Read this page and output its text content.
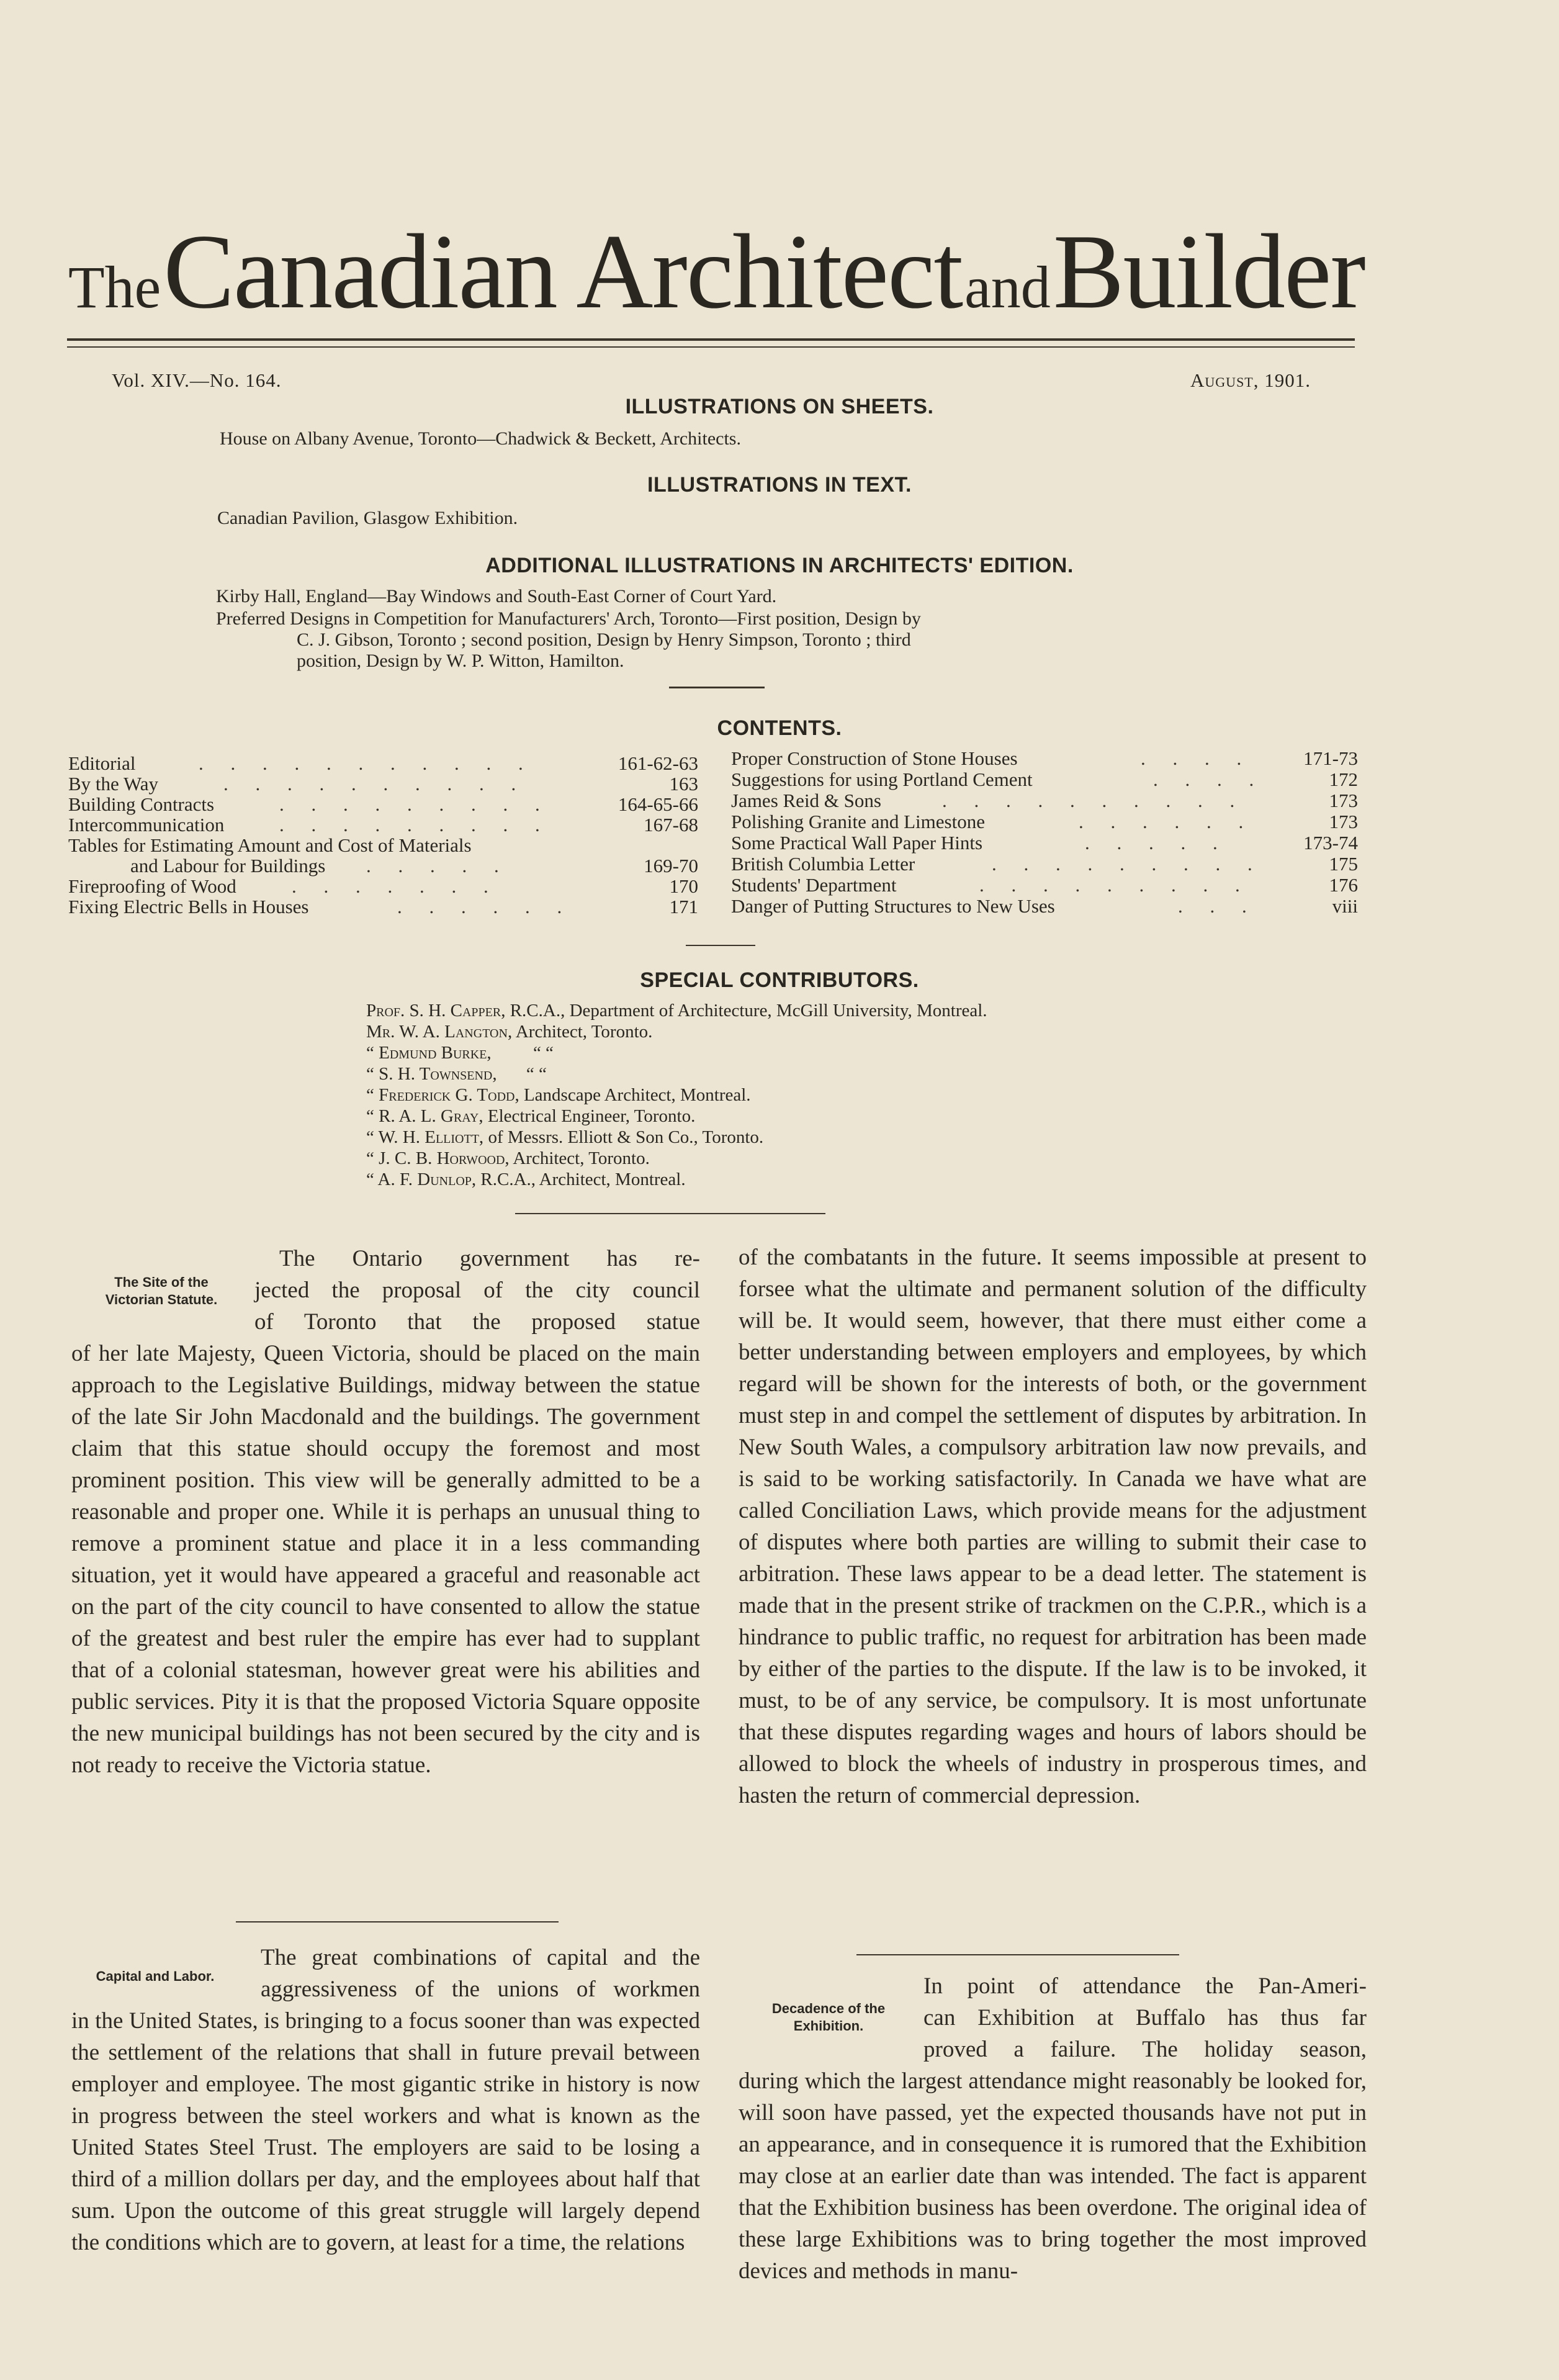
The Canadian Architect and Builder
Vol. XIV.—No. 164.	August, 1901.
ILLUSTRATIONS ON SHEETS.
House on Albany Avenue, Toronto—Chadwick & Beckett, Architects.
ILLUSTRATIONS IN TEXT.
Canadian Pavilion, Glasgow Exhibition.
ADDITIONAL ILLUSTRATIONS IN ARCHITECTS' EDITION.
Kirby Hall, England—Bay Windows and South-East Corner of Court Yard.
Preferred Designs in Competition for Manufacturers' Arch, Toronto—First position, Design by
C. J. Gibson, Toronto ; second position, Design by Henry Simpson, Toronto ; third
position, Design by W. P. Witton, Hamilton.
CONTENTS.
Editorial	. . . . . . . . . . .	161-62-63
By the Way	. . . . . . . . . .	163
Building Contracts	. . . . . . . . .	164-65-66
Intercommunication	. . . . . . . . .	167-68
Tables for Estimating Amount and Cost of Materials
and Labour for Buildings . . . . .	169-70
Fireproofing of Wood	. . . . . . .	170
Fixing Electric Bells in Houses	. . . . . .	171
Proper Construction of Stone Houses	. . . .	171-73
Suggestions for using Portland Cement	. . . .	172
James Reid & Sons	. . . . . . . . . .	173
Polishing Granite and Limestone	. . . . . .	173
Some Practical Wall Paper Hints	. . . . .	173-74
British Columbia Letter	. . . . . . . . .	175
Students' Department	. . . . . . . . .	176
Danger of Putting Structures to New Uses	. . .	viii
SPECIAL CONTRIBUTORS.
Prof. S. H. Capper, R.C.A., Department of Architecture, McGill University, Montreal.
Mr. W. A. Langton, Architect, Toronto.
“ Edmund Burke, “ “
“ S. H. Townsend, “ “
“ Frederick G. Todd, Landscape Architect, Montreal.
“ R. A. L. Gray, Electrical Engineer, Toronto.
“ W. H. Elliott, of Messrs. Elliott & Son Co., Toronto.
“ J. C. B. Horwood, Architect, Toronto.
“ A. F. Dunlop, R.C.A., Architect, Montreal.
The Site of the
Victorian Statute.
The Ontario government has re-
jected the proposal of the city council
of Toronto that the proposed statue
of her late Majesty, Queen Victoria, should be placed on the main approach to the Legislative Buildings, midway between the statue of the late Sir John Macdonald and the buildings. The government claim that this statue should occupy the foremost and most prominent position. This view will be generally admitted to be a reasonable and proper one. While it is perhaps an unusual thing to remove a prominent statue and place it in a less commanding situation, yet it would have appeared a graceful and reasonable act on the part of the city council to have consented to allow the statue of the greatest and best ruler the empire has ever had to supplant that of a colonial statesman, however great were his abilities and public services. Pity it is that the proposed Victoria Square opposite the new municipal buildings has not been secured by the city and is not ready to receive the Victoria statue.
Capital and Labor.
The great combinations of capital and the
aggressiveness of the unions of workmen
in the United States, is bringing to a focus sooner than was expected the settlement of the relations that shall in future prevail between employer and employee. The most gigantic strike in history is now in progress between the steel workers and what is known as the United States Steel Trust. The employers are said to be losing a third of a million dollars per day, and the employees about half that sum. Upon the outcome of this great struggle will largely depend the conditions which are to govern, at least for a time, the relations
of the combatants in the future. It seems impossible at present to forsee what the ultimate and permanent solution of the difficulty will be. It would seem, however, that there must either come a better understanding between employers and employees, by which regard will be shown for the interests of both, or the government must step in and compel the settlement of disputes by arbitration. In New South Wales, a compulsory arbitration law now prevails, and is said to be working satisfactorily. In Canada we have what are called Conciliation Laws, which provide means for the adjustment of disputes where both parties are willing to submit their case to arbitration. These laws appear to be a dead letter. The statement is made that in the present strike of trackmen on the C.P.R., which is a hindrance to public traffic, no request for arbitration has been made by either of the parties to the dispute. If the law is to be invoked, it must, to be of any service, be compulsory. It is most unfortunate that these disputes regarding wages and hours of labors should be allowed to block the wheels of industry in prosperous times, and hasten the return of commercial depression.
Decadence of the
Exhibition.
In point of attendance the Pan-Ameri-
can Exhibition at Buffalo has thus far
proved a failure. The holiday season,
during which the largest attendance might reasonably be looked for, will soon have passed, yet the expected thousands have not put in an appearance, and in consequence it is rumored that the Exhibition may close at an earlier date than was intended. The fact is apparent that the Exhibition business has been overdone. The original idea of these large Exhibitions was to bring together the most improved devices and methods in manu-
